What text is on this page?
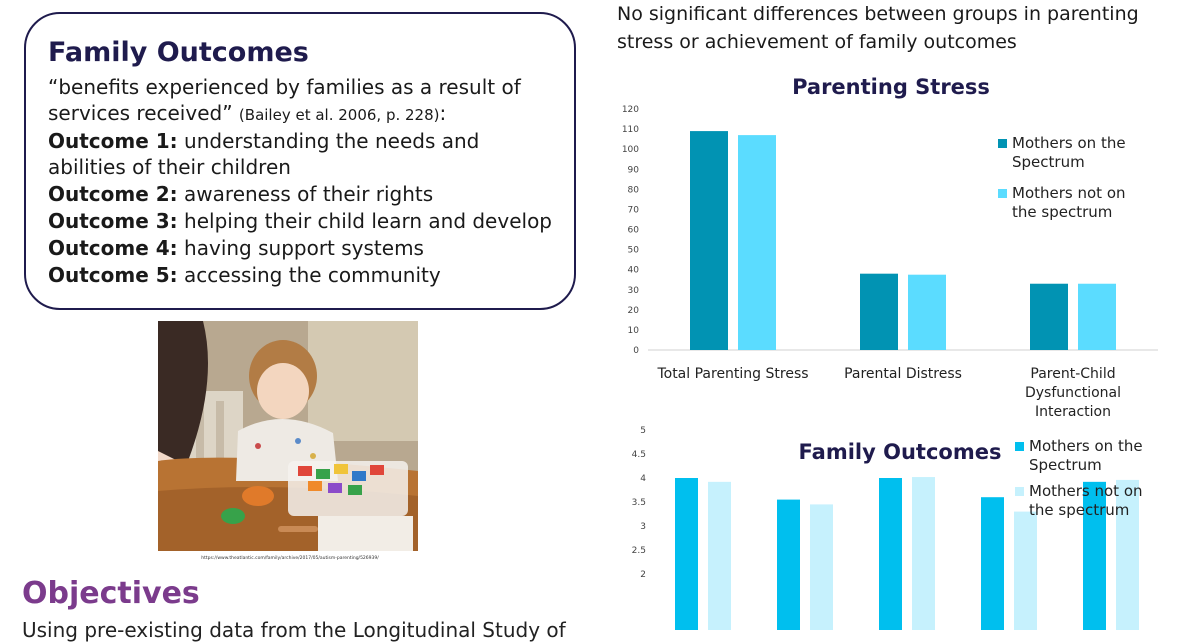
Family Outcomes

“benefits experienced by families as a result of

services received” (Bailey et al. 2006, p. 228):

Outcome 1: understanding the needs and

abilities of their children

Outcome 2: awareness of their rights

Outcome 3: helping their child learn and develop

Outcome 4: having support systems

Outcome 5: accessing the community

https://www.theatlantic.com/family/archive/2017/05/autism-parenting/526939/
Objectives

Using pre-existing data from the Longitudinal Study of

No significant differences between groups in parenting
stress or achievement of family outcomes

Parenting Stress
0
10
20
30
40
50
60
70
80
90
100
110
120
Total Parenting Stress	Parental Distress	Parent-Child
Dysfunctional
Interaction
Mothers on the
Spectrum
Mothers not on
the spectrum
Family Outcomes
2
2.5
3
3.5
4
4.5
5
Mothers on the
Spectrum
Mothers not on
the spectrum
